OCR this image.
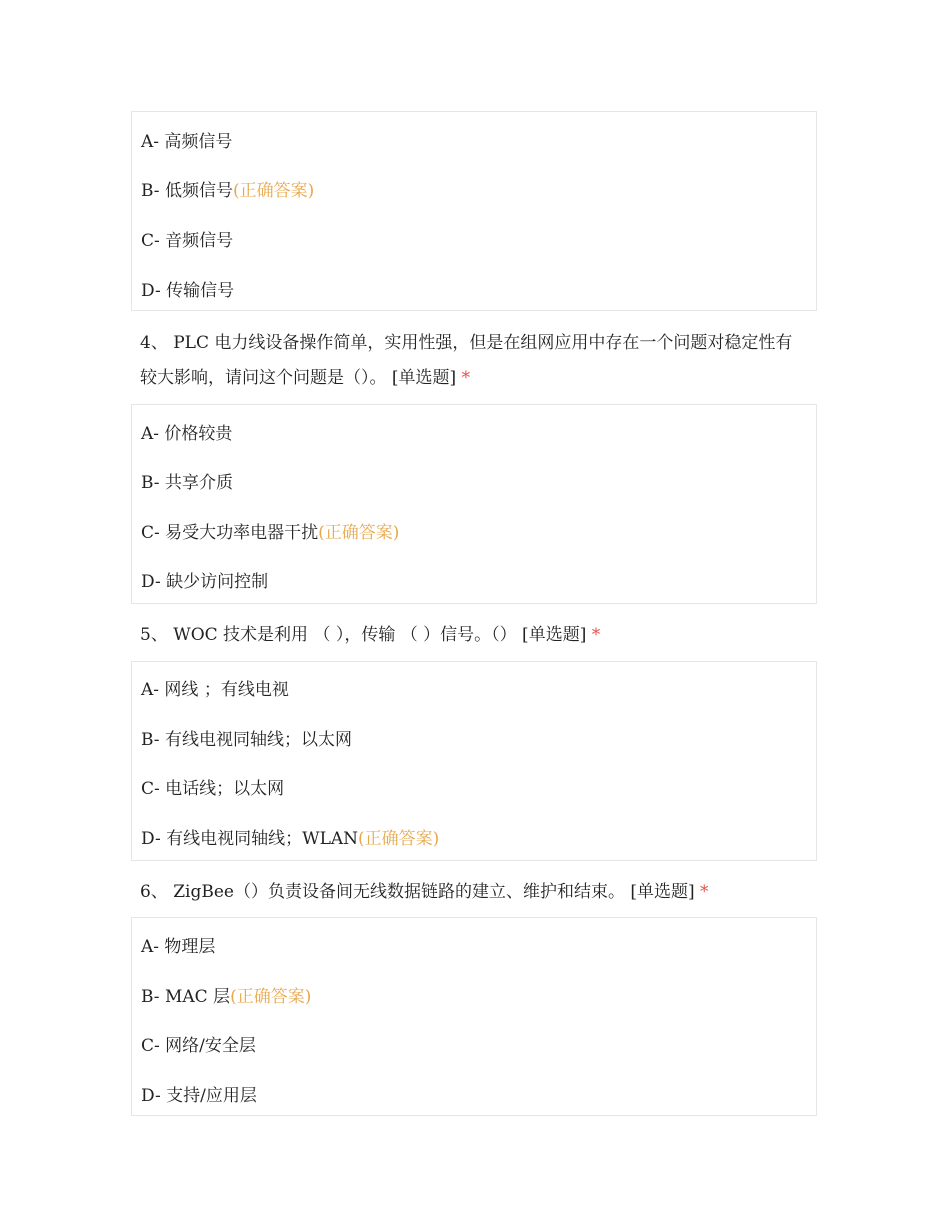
A- 高频信号
B- 低频信号(正确答案)
C- 音频信号
D- 传输信号
4、 PLC 电力线设备操作简单，实用性强，但是在组网应用中存在一个问题对稳定性有较大影响，请问这个问题是（）。 [单选题] *
A- 价格较贵
B- 共享介质
C- 易受大功率电器干扰(正确答案)
D- 缺少访问控制
5、 WOC 技术是利用 （ ），传输 （ ）信号。（） [单选题] *
A- 网线 ；有线电视
B- 有线电视同轴线；以太网
C- 电话线；以太网
D- 有线电视同轴线；WLAN(正确答案)
6、 ZigBee（）负责设备间无线数据链路的建立、维护和结束。 [单选题] *
A- 物理层
B- MAC 层(正确答案)
C- 网络/安全层
D- 支持/应用层
